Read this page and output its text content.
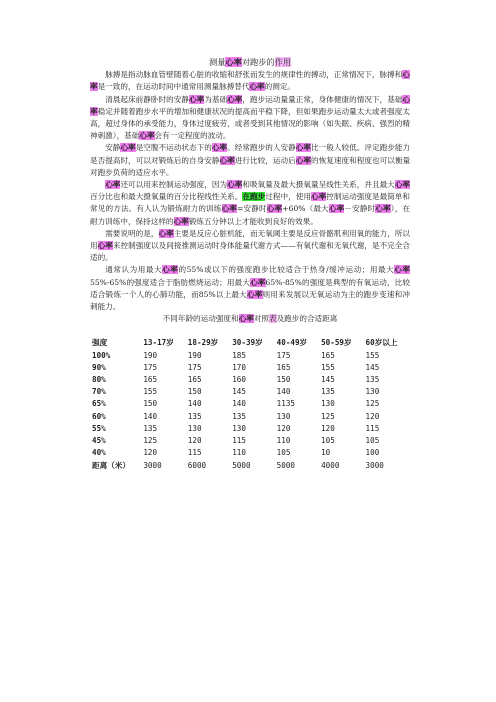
测量心率对跑步的作用

脉搏是指动脉血管壁随着心脏的收缩和舒张而发生的规律性的搏动，正常情况下，脉搏和心率是一致的，在运动时间中通常用测量脉搏替代心率的测定。

清晨起床前静卧时的安静心率为基础心率，跑步运动量量正常，身体健康的情况下，基础心率稳定并随着跑步水平的增加和健康状况的提高而平稳下降，但如果跑步运动量太大或者强度太高，超过身体的承受能力，身体过度疲劳，或者受到其他情况的影响（如失眠、疾病、强烈的精神刺激），基础心率会有一定程度的波动。

安静心率是空腹不运动状态下的心率。经常跑步的人安静心率比一般人较低。评定跑步能力是否提高时，可以对锻炼后的自身安静心率进行比较，运动后心率的恢复速度和程度也可以衡量对跑步负荷的适应水平。

心率还可以用来控制运动强度，因为心率和吸氧量及最大摄氧量呈线性关系，并且最大心率百分比也和最大摄氧量的百分比程线性关系。在跑步过程中，使用心率控制运动强度是最简单和常见的方法。有人认为锻炼耐力的训练心率=安静时心率+60%（最大心率－安静时心率），在耐力训练中，保持这样的心率锻炼五分钟以上才能收到良好的效果。

需要说明的是，心率主要是反应心脏机能，而无氧阈主要是反应骨骼肌利用氧的能力，所以用心率来控制强度以及间接推测运动时身体能量代谢方式——有氧代谢和无氧代谢，是不完全合适的。

通常认为用最大心率的55%或以下的强度跑步比较适合于热身/缓冲运动；用最大心率55%-65%的强度适合于脂肪燃烧运动；用最大心率65%-85%的强度是典型的有氧运动，比较适合锻炼一个人的心肺功能，而85%以上最大心率则用来发展以无氧运动为主的跑步变速和冲刺能力。

不同年龄的运动强度和心率对照表及跑步的合适距离
强度	13-17岁	18-29岁	30-39岁	40-49岁	50-59岁	60岁以上
100%	190	190	185	175	165	155
90%	175	175	170	165	155	145
80%	165	165	160	150	145	135
70%	155	150	145	140	135	130
65%	150	140	140	1135	130	125
60%	140	135	135	130	125	120
55%	135	130	130	120	120	115
45%	125	120	115	110	105	105
40%	120	115	110	105	10	100
距离（米）	3000	6000	5000	5000	4000	3000
